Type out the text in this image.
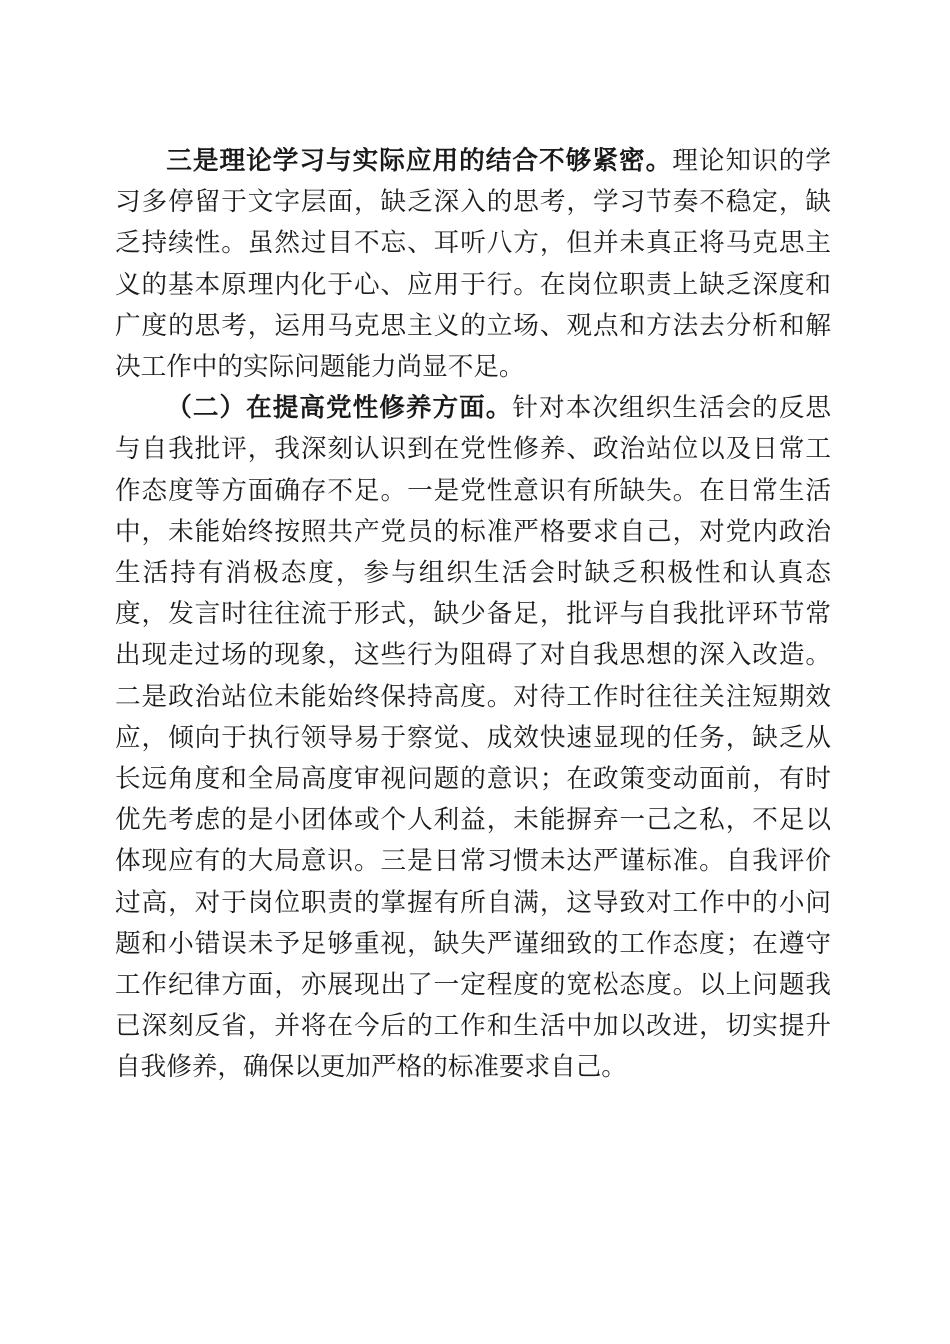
三是理论学习与实际应用的结合不够紧密。理论知识的学习多停留于文字层面，缺乏深入的思考，学习节奏不稳定，缺乏持续性。虽然过目不忘、耳听八方，但并未真正将马克思主义的基本原理内化于心、应用于行。在岗位职责上缺乏深度和广度的思考，运用马克思主义的立场、观点和方法去分析和解决工作中的实际问题能力尚显不足。

（二）在提高党性修养方面。针对本次组织生活会的反思与自我批评，我深刻认识到在党性修养、政治站位以及日常工作态度等方面确存不足。一是党性意识有所缺失。在日常生活中，未能始终按照共产党员的标准严格要求自己，对党内政治生活持有消极态度，参与组织生活会时缺乏积极性和认真态度，发言时往往流于形式，缺少备足，批评与自我批评环节常出现走过场的现象，这些行为阻碍了对自我思想的深入改造。二是政治站位未能始终保持高度。对待工作时往往关注短期效应，倾向于执行领导易于察觉、成效快速显现的任务，缺乏从长远角度和全局高度审视问题的意识；在政策变动面前，有时优先考虑的是小团体或个人利益，未能摒弃一己之私，不足以体现应有的大局意识。三是日常习惯未达严谨标准。自我评价过高，对于岗位职责的掌握有所自满，这导致对工作中的小问题和小错误未予足够重视，缺失严谨细致的工作态度；在遵守工作纪律方面，亦展现出了一定程度的宽松态度。以上问题我已深刻反省，并将在今后的工作和生活中加以改进，切实提升自我修养，确保以更加严格的标准要求自己。
